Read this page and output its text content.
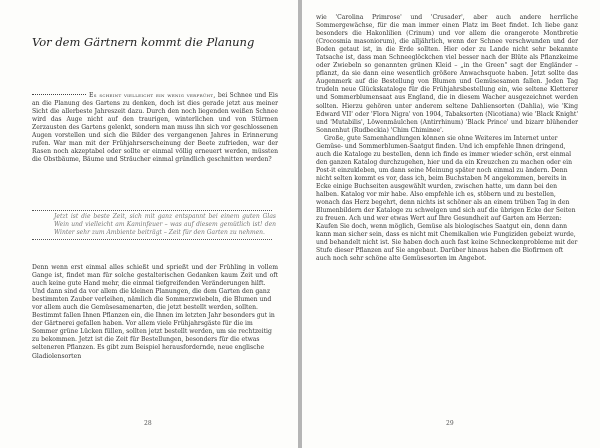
Vor dem Gärtnern kommt die Planung

Es scheint vielleicht ein wenig verfrüht, bei Schnee und Eis an die Planung des Gartens zu denken, doch ist dies gerade jetzt aus meiner Sicht die allerbeste Jahreszeit dazu. Durch den noch liegenden weißen Schnee wird das Auge nicht auf den traurigen, winterlichen und von Stürmen Zerzausten des Gartens gelenkt, sondern man muss ihn sich vor geschlossenen Augen vorstellen und sich die Bilder des vergangenen Jahres in Erinnerung rufen. War man mit der Frühjahrserscheinung der Beete zufrieden, war der Rasen noch akzeptabel oder sollte er einmal völlig erneuert werden, müssten die Obstbäume, Bäume und Sträucher einmal gründlich geschnitten werden?

Jetzt ist die beste Zeit, sich mit ganz entspannt bei einem guten Glas Wein und vielleicht am Kaminfeuer – was auf diesem gemütlich ist! den Winter sehr zum Ambiente beiträgt – Zeit für den Garten zu nehmen.

Denn wenn erst einmal alles schießt und sprießt und der Frühling in vollem Gange ist, findet man für solche gestalterischen Gedanken kaum Zeit und oft auch keine gute Hand mehr, die einmal tiefgreifenden Veränderungen hilft.

Und dann sind da vor allem die kleinen Planungen, die dem Garten den ganz bestimmten Zauber verleihen, nämlich die Sommerzwiebeln, die Blumen und vor allem auch die Gemüsesamenarten, die jetzt bestellt werden, sollten. Bestimmt fallen Ihnen Pflanzen ein, die Ihnen im letzten Jahr besonders gut in der Gärtnerei gefallen haben. Vor allem viele Frühjahrsgäste für die im Sommer grüne Lücken füllen, sollten jetzt bestellt werden, um sie rechtzeitig zu bekommen. Jetzt ist die Zeit für Bestellungen, besonders für die etwas selteneren Pflanzen. Es gibt zum Beispiel herausfordernde, neue englische Gladiolensorten

28

wie 'Carolina Primrose' und 'Crusader', aber auch andere herrliche Sommergewächse, für die man immer einen Platz im Beet findet. Ich liebe ganz besonders die Hakonlilien (Crinum) und vor allem die orangerote Montbretie (Crocosmia masoniorum), die alljährlich, wenn der Schnee verschwunden und der Boden getaut ist, in die Erde sollten. Hier oder zu Lande nicht sehr bekannte Tatsache ist, dass man Schneeglöckchen viel besser nach der Blüte als Pflanzkeime oder Zwiebeln so genannten grünen Kleid – „in the Green" sagt der Engländer – pflanzt, da sie dann eine wesentlich größere Anwachsquote haben. Jetzt sollte das Augenmerk auf die Bestellung von Blumen und Gemüsesamen fallen. Jeden Tag trudeln neue Glückskataloge für die Frühjahrsbestellung ein, wie seltene Kletterer und Sommerblumensaat aus England, die in diesem Wacher ausgezeichnet werden sollten. Hierzu gehören unter anderem seltene Dahliensorten (Dahlia), wie 'King Edward VII' oder 'Flora Nigra' von 1904, Tabaksorten (Nicotiana) wie 'Black Knight' und 'Mutabilis', Löwenmäulchen (Antirrhinum) 'Black Prince' und bizarr blühender Sonnenhut (Rudbeckia) 'Chim Chiminee'.

Große, gute Samenhandlungen können sie ohne Weiteres im Internet unter Gemüse- und Sommerblumen-Saatgut finden. Und ich empfehle Ihnen dringend, auch die Kataloge zu bestellen, denn ich finde es immer wieder schön, erst einmal den ganzen Katalog durchzugehen, hier und da ein Kreuzchen zu machen oder ein Post-it einzukleben, um dann seine Meinung später noch einmal zu ändern. Denn nicht selten kommt es vor, dass ich, beim Buchstaben M angekommen, bereits in Ecke einige Buchseiten ausgewählt wurden, zwischen hatte, um dann bei den halben. Katalog vor mir habe. Also empfehle ich es, stöbern und zu bestellen, wonach das Herz begehrt, denn nichts ist schöner als an einem trüben Tag in den Blumenbildern der Kataloge zu schwelgen und sich auf die übrigen Ecke der Seiten zu freuen. Ach und wer etwas Wert auf Ihre Gesundheit auf Garten am Herzen: Kaufen Sie doch, wenn möglich, Gemüse als biologisches Saatgut ein, denn dann kann man sicher sein, dass es nicht mit Chemikalien wie Fungiziden gebeizt wurde, und behandelt nicht ist. Sie haben doch auch fast keine Schneckenprobleme mit der Stufe dieser Pflanzen auf Sie angebaut. Darüber hinaus haben die Biofirmen oft auch noch sehr schöne alte Gemüsesorten im Angebot.

29
